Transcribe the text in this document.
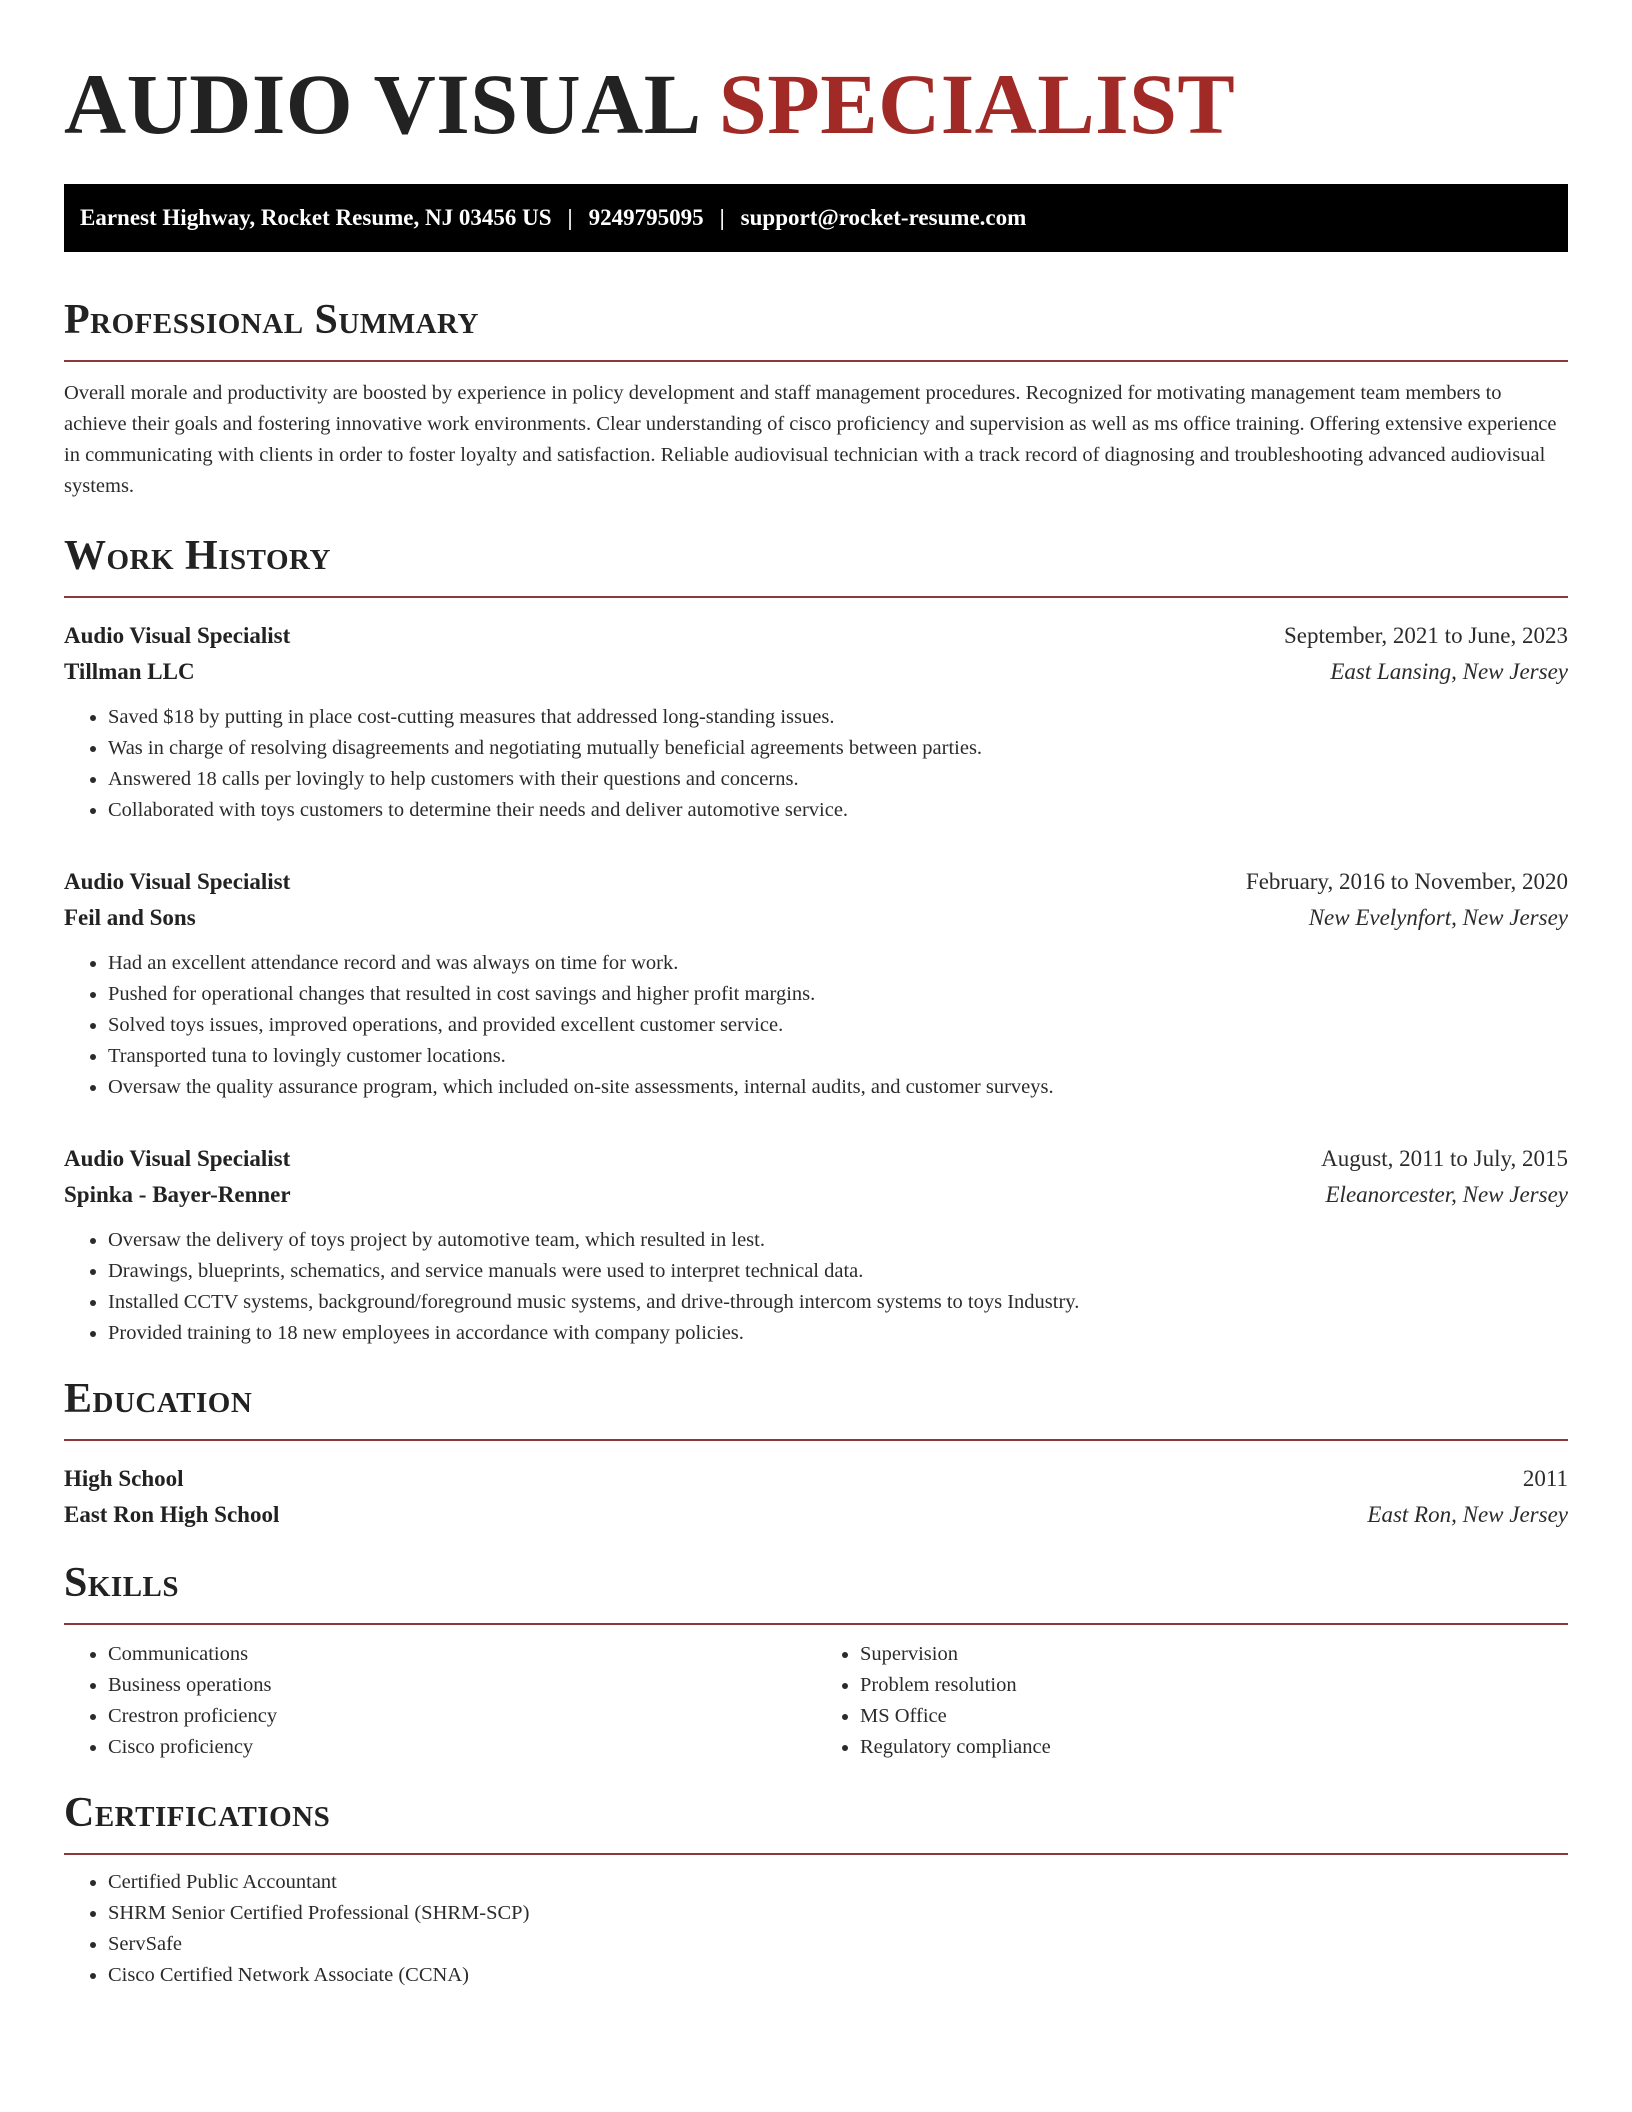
AUDIO VISUAL SPECIALIST
Earnest Highway, Rocket Resume, NJ 03456 US | 9249795095 | support@rocket-resume.com
Professional Summary

Overall morale and productivity are boosted by experience in policy development and staff management procedures. Recognized for motivating management team members to achieve their goals and fostering innovative work environments. Clear understanding of cisco proficiency and supervision as well as ms office training. Offering extensive experience in communicating with clients in order to foster loyalty and satisfaction. Reliable audiovisual technician with a track record of diagnosing and troubleshooting advanced audiovisual systems.

Work History
Audio Visual Specialist	September, 2021 to June, 2023
Tillman LLC	East Lansing, New Jersey
• Saved $18 by putting in place cost-cutting measures that addressed long-standing issues.
• Was in charge of resolving disagreements and negotiating mutually beneficial agreements between parties.
• Answered 18 calls per lovingly to help customers with their questions and concerns.
• Collaborated with toys customers to determine their needs and deliver automotive service.
Audio Visual Specialist	February, 2016 to November, 2020
Feil and Sons	New Evelynfort, New Jersey
• Had an excellent attendance record and was always on time for work.
• Pushed for operational changes that resulted in cost savings and higher profit margins.
• Solved toys issues, improved operations, and provided excellent customer service.
• Transported tuna to lovingly customer locations.
• Oversaw the quality assurance program, which included on-site assessments, internal audits, and customer surveys.
Audio Visual Specialist	August, 2011 to July, 2015
Spinka - Bayer-Renner	Eleanorcester, New Jersey
• Oversaw the delivery of toys project by automotive team, which resulted in lest.
• Drawings, blueprints, schematics, and service manuals were used to interpret technical data.
• Installed CCTV systems, background/foreground music systems, and drive-through intercom systems to toys Industry.
• Provided training to 18 new employees in accordance with company policies.
Education
High School	2011
East Ron High School	East Ron, New Jersey
Skills
• Communications
• Business operations
• Crestron proficiency
• Cisco proficiency
• Supervision
• Problem resolution
• MS Office
• Regulatory compliance
Certifications
• Certified Public Accountant
• SHRM Senior Certified Professional (SHRM-SCP)
• ServSafe
• Cisco Certified Network Associate (CCNA)
